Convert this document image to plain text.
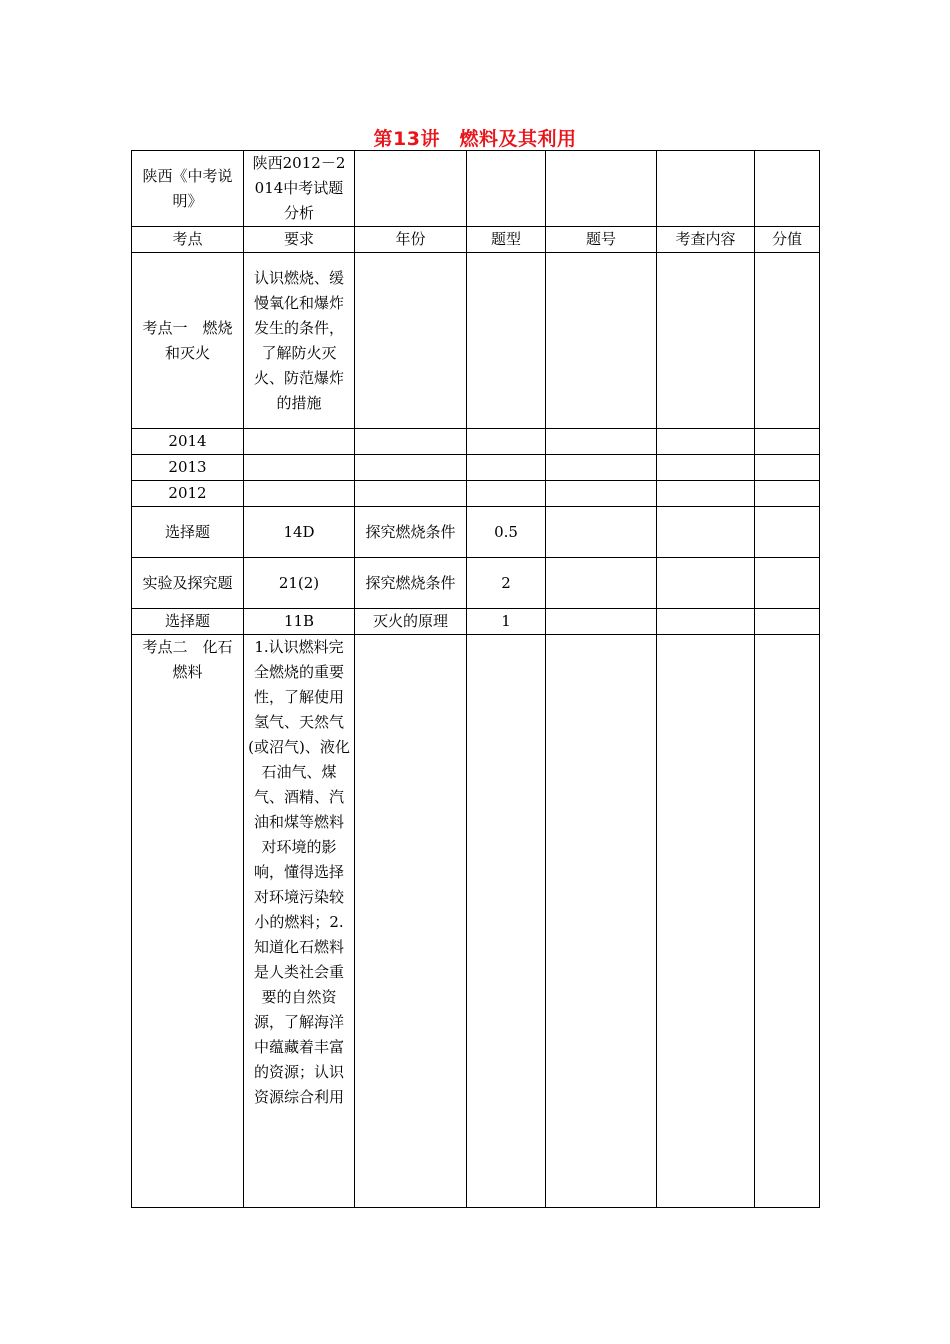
第13讲　燃料及其利用
陕西《中考说明》	陕西2012－2014中考试题分析					
考点	要求	年份	题型	题号	考查内容	分值
考点一　燃烧和灭火	认识燃烧、缓慢氧化和爆炸发生的条件，了解防火灭火、防范爆炸的措施					
2014						
2013						
2012						
选择题	14D	探究燃烧条件	0.5			
实验及探究题	21(2)	探究燃烧条件	2			
选择题	11B	灭火的原理	1			
考点二　化石燃料	1.认识燃料完全燃烧的重要性，了解使用氢气、天然气(或沼气)、液化石油气、煤气、酒精、汽油和煤等燃料对环境的影响，懂得选择对环境污染较小的燃料；2.知道化石燃料是人类社会重要的自然资源，了解海洋中蕴藏着丰富的资源；认识资源综合利用					
